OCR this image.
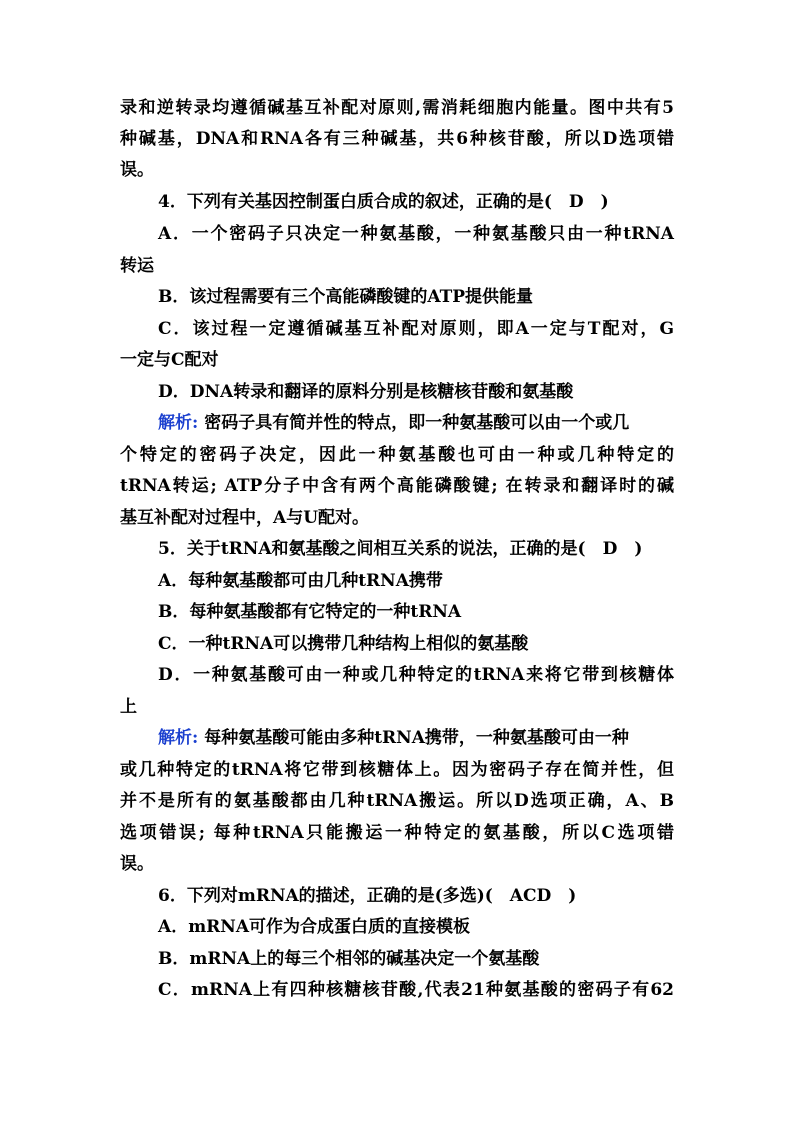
录和逆转录均遵循碱基互补配对原则,需消耗细胞内能量。图中共有5
种碱基，DNA和RNA各有三种碱基，共6种核苷酸，所以D选项错
误。
4．下列有关基因控制蛋白质合成的叙述，正确的是(　D　)
A．一个密码子只决定一种氨基酸，一种氨基酸只由一种tRNA
转运
B．该过程需要有三个高能磷酸键的ATP提供能量
C．该过程一定遵循碱基互补配对原则，即A一定与T配对，G
一定与C配对
D．DNA转录和翻译的原料分别是核糖核苷酸和氨基酸
解析: 密码子具有简并性的特点，即一种氨基酸可以由一个或几
个特定的密码子决定，因此一种氨基酸也可由一种或几种特定的
tRNA转运; ATP分子中含有两个高能磷酸键; 在转录和翻译时的碱
基互补配对过程中，A与U配对。
5．关于tRNA和氨基酸之间相互关系的说法，正确的是(　D　)
A．每种氨基酸都可由几种tRNA携带
B．每种氨基酸都有它特定的一种tRNA
C．一种tRNA可以携带几种结构上相似的氨基酸
D．一种氨基酸可由一种或几种特定的tRNA来将它带到核糖体
上
解析: 每种氨基酸可能由多种tRNA携带，一种氨基酸可由一种
或几种特定的tRNA将它带到核糖体上。因为密码子存在简并性，但
并不是所有的氨基酸都由几种tRNA搬运。所以D选项正确，A、B
选项错误; 每种tRNA只能搬运一种特定的氨基酸，所以C选项错
误。
6．下列对mRNA的描述，正确的是(多选)(　ACD　)
A．mRNA可作为合成蛋白质的直接模板
B．mRNA上的每三个相邻的碱基决定一个氨基酸
C．mRNA上有四种核糖核苷酸,代表21种氨基酸的密码子有62
